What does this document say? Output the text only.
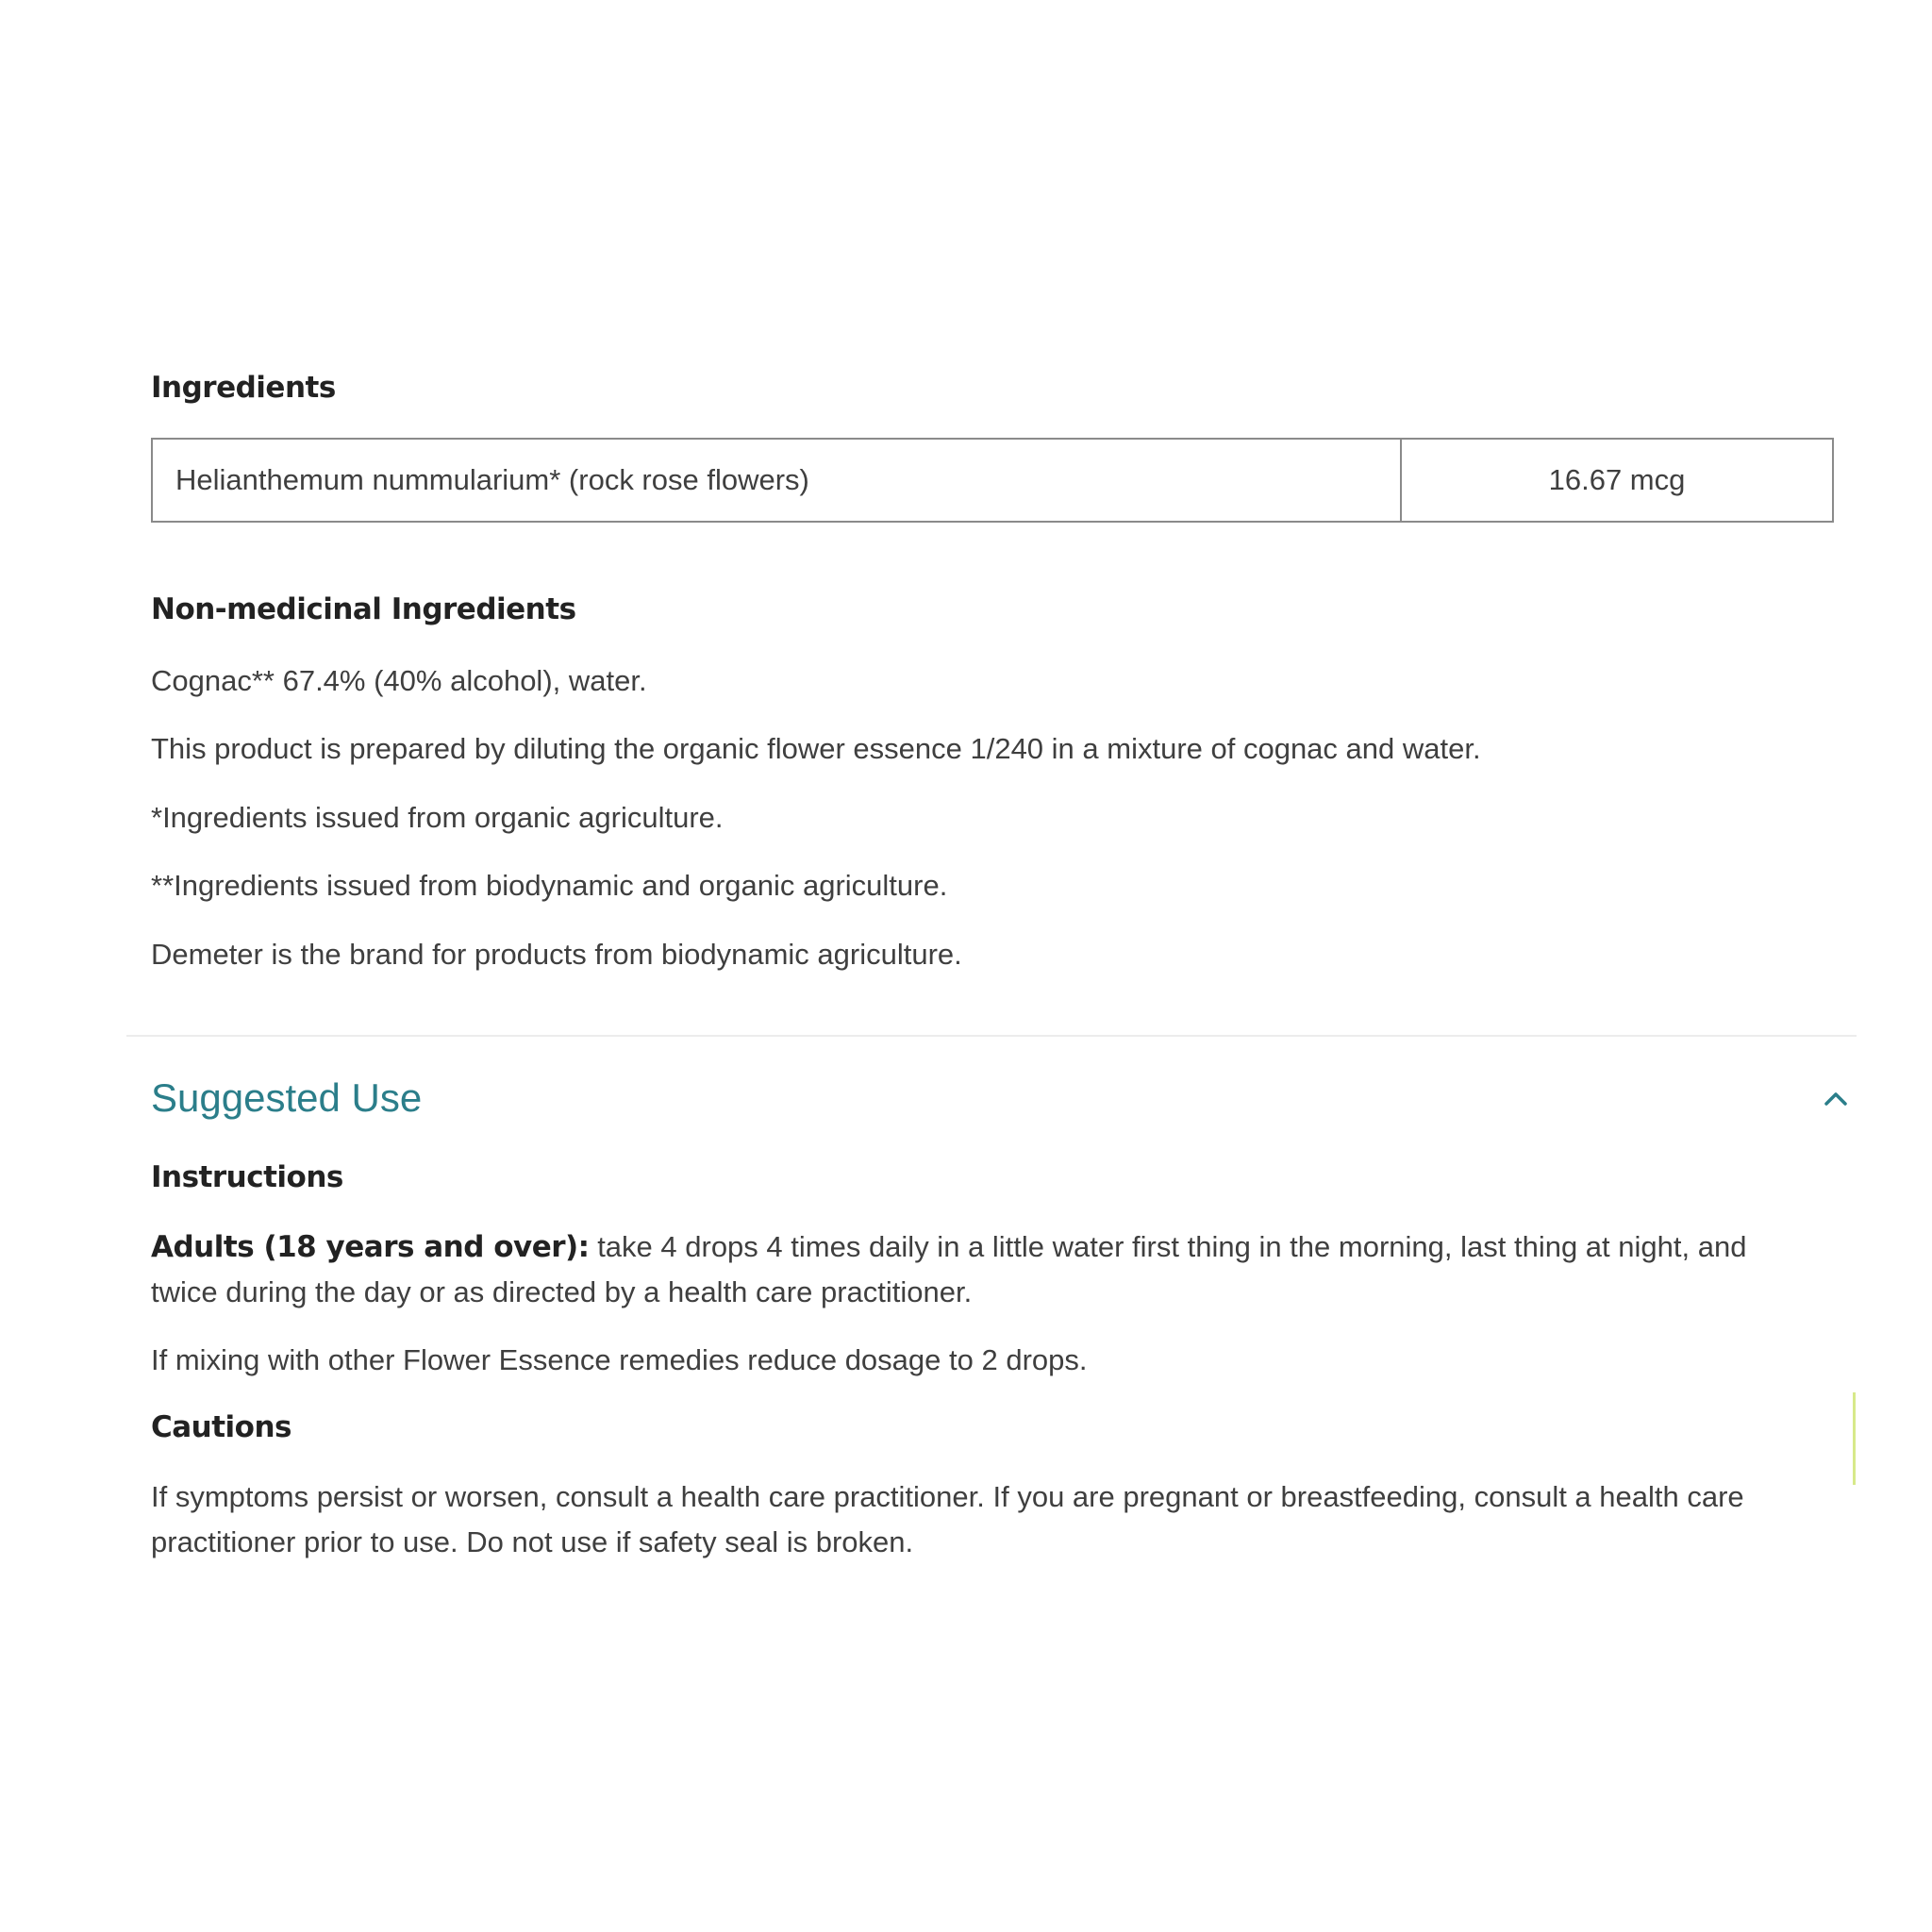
Ingredients
Helianthemum nummularium* (rock rose flowers)	16.67 mcg
Non-medicinal Ingredients

Cognac** 67.4% (40% alcohol), water.

This product is prepared by diluting the organic flower essence 1/240 in a mixture of cognac and water.

*Ingredients issued from organic agriculture.

**Ingredients issued from biodynamic and organic agriculture.

Demeter is the brand for products from biodynamic agriculture.

Suggested Use
Instructions

Adults (18 years and over): take 4 drops 4 times daily in a little water first thing in the morning, last thing at night, and twice during the day or as directed by a health care practitioner.

If mixing with other Flower Essence remedies reduce dosage to 2 drops.

Cautions

If symptoms persist or worsen, consult a health care practitioner. If you are pregnant or breastfeeding, consult a health care practitioner prior to use. Do not use if safety seal is broken.
